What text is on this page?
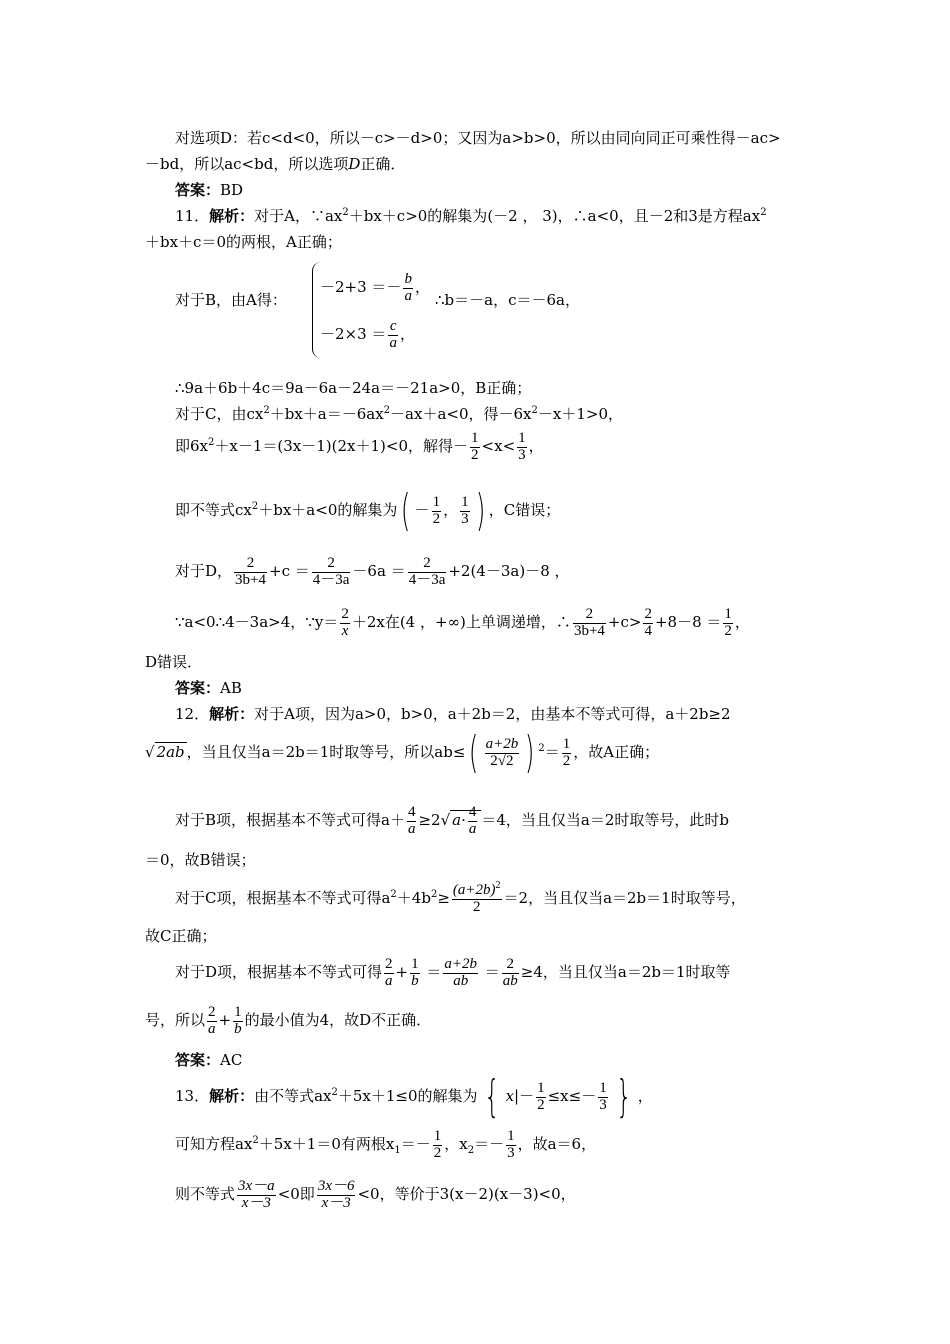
对选项D：若c<d<0，所以－c>－d>0；又因为a>b>0，所以由同向同正可乘性得－ac>
－bd，所以ac<bd，所以选项D正确．
答案：BD
11．解析：对于A，$\because ax^2+bx+c>0$的解集为(－2 ， 3)，∴a<0，且－2和3是方程$ax^2$
＋bx＋c＝0的两根，A正确；
对于B，由A得：
$-2+3 =- \frac{b}{a}$ ，
$-2\times 3 = \frac{c}{a}$ ，
∴b＝－a，c＝－6a，
∴9a＋6b＋4c＝9a－6a－24a＝－21a>0，B正确；
对于C，由$cx^2+bx+a=-6ax^2-ax+a<0$，得$-6x^2-x+1>0$，
即$6x^2+x-1=(3x-1)(2x+1)<0$，解得－ $\frac{1}{2} <x< \frac{1}{3}$ ，
即不等式$cx^2+bx+a<0$的解集为( － $\frac{1}{2}$ ， $\frac{1}{3}$ ) ，C错误；
对于D， $\frac{2}{3b+4} +c = \frac{2}{4-3a} -6a = \frac{2}{4-3a} +2(4-3a)-8$ ，
∵a<0∴4－3a>4，∵y＝ $\frac{2}{x} +2x$在(4 ，+∞)上单调递增，∴ $\frac{2}{3b+4} +c> \frac{2}{4} +8-8 = \frac{1}{2}$ ，
D错误．
答案：AB
12．解析：对于A项，因为a>0，b>0，a＋2b＝2，由基本不等式可得，a＋2b≥2
√ 2ab ，当且仅当a＝2b＝1时取等号，所以$ab\le( \frac{a+2b}{2√2}$ ) $^2= \frac{1}{2}$ ，故A正确；
对于B项，根据基本不等式可得$a+ \frac{4}{a} \ge 2√$ $a\cdot \frac{4}{a} =4$，当且仅当a＝2时取等号，此时b
＝0，故B错误；
对于C项，根据基本不等式可得$a^2+4b^2\ge \frac{(a+2b)^2}{2} =2$，当且仅当a＝2b＝1时取等号，
故C正确；
对于D项，根据基本不等式可得 $\frac{2}{a} + \frac{1}{b} = \frac{a+2b}{ab} = \frac{2}{ab} \ge 4$，当且仅当a＝2b＝1时取等
号，所以 $\frac{2}{a} + \frac{1}{b}$ 的最小值为4，故D不正确．
答案：AC
13．解析：由不等式$ax^2+5x+1\le 0$的解集为 { $x|- \frac{1}{2} \le x\le- \frac{1}{3}$ } ，
可知方程$ax^2+5x+1=0$有两根$x_1=- \frac{1}{2}$ ，$x_2=- \frac{1}{3}$ ，故a＝6，
则不等式 $\frac{3x-a}{x-3} <0$即 $\frac{3x-6}{x-3} <0$，等价于3(x－2)(x－3)<0，
